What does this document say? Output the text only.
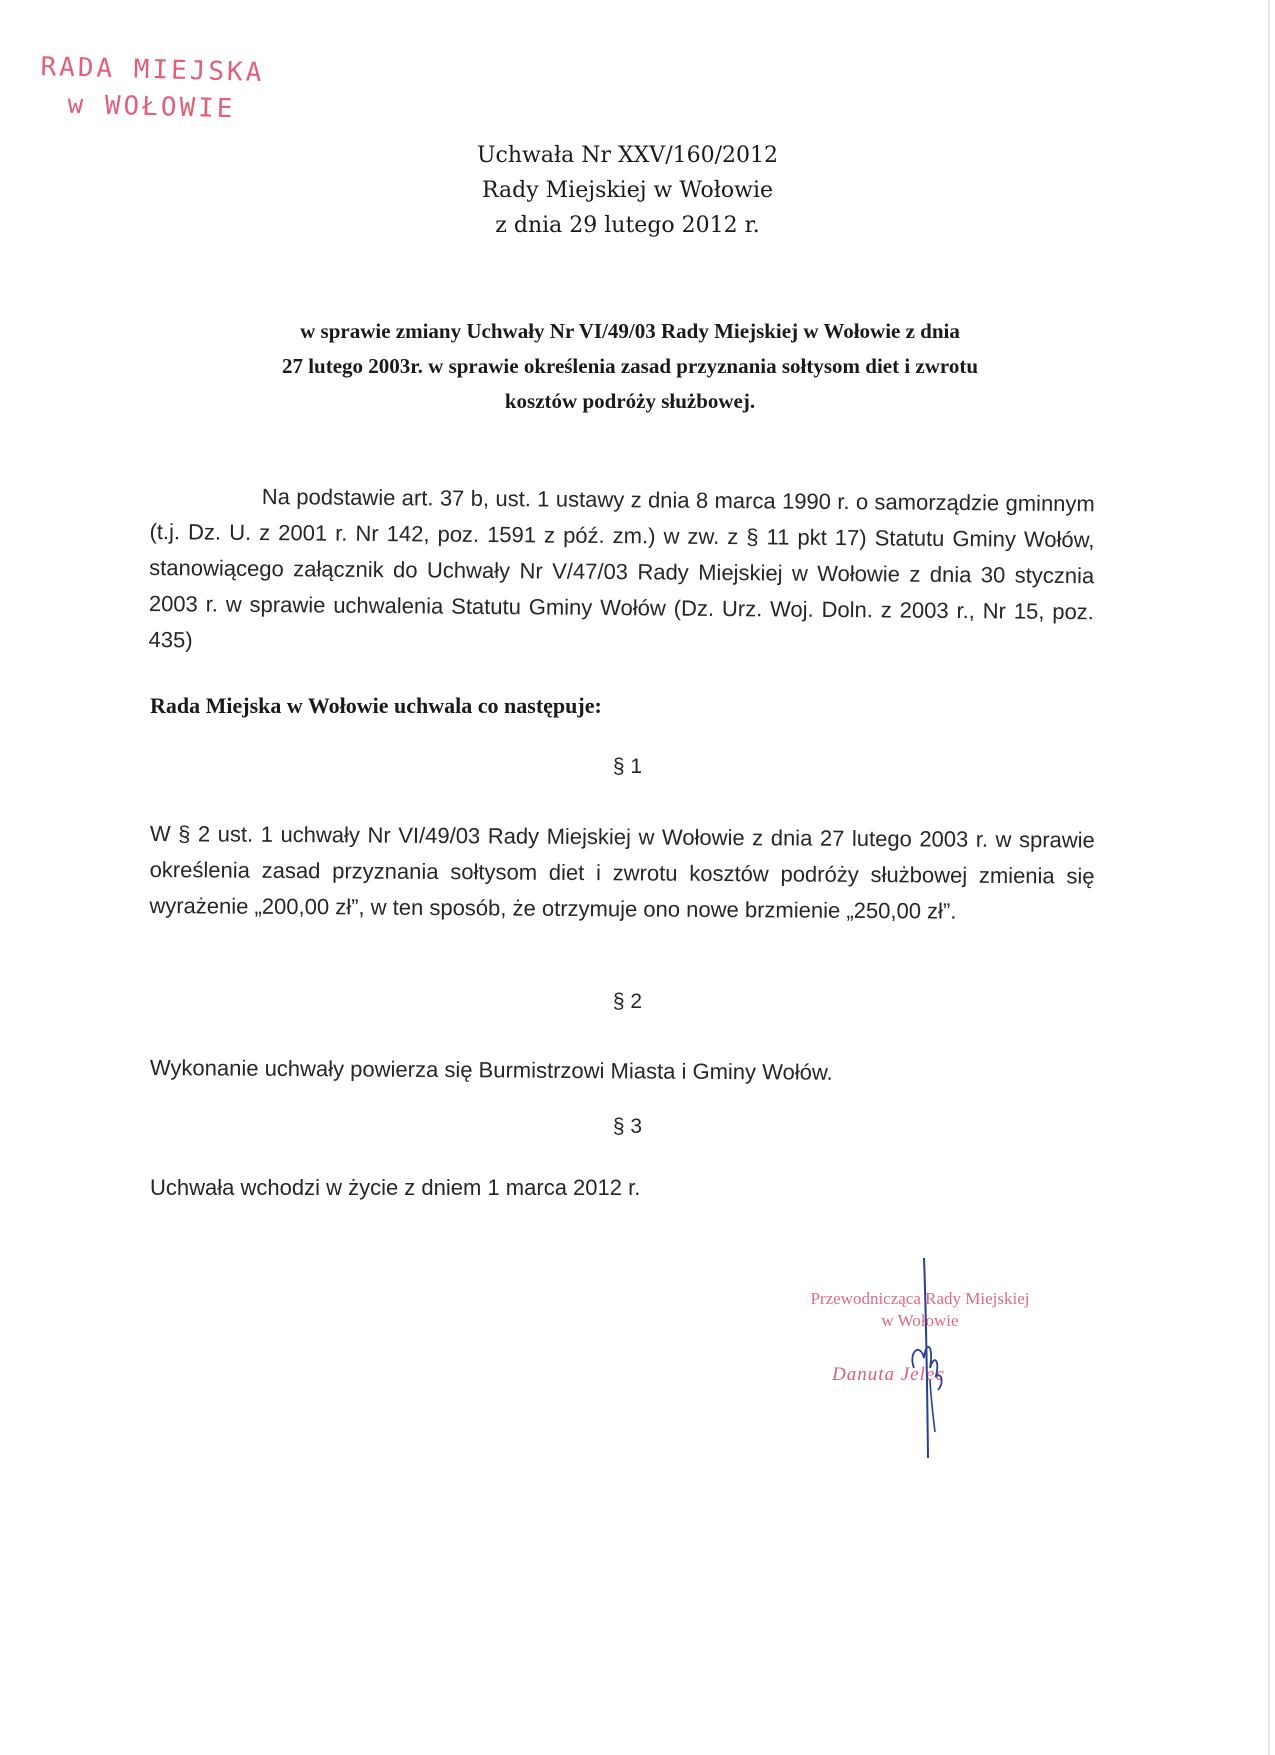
RADA MIEJSKA
w WOŁOWIE
Uchwała Nr XXV/160/2012
Rady Miejskiej w Wołowie
z dnia 29 lutego 2012 r.
w sprawie zmiany Uchwały Nr VI/49/03 Rady Miejskiej w Wołowie z dnia
27 lutego 2003r. w sprawie określenia zasad przyznania sołtysom diet i zwrotu
kosztów podróży służbowej.
Na podstawie art. 37 b, ust. 1 ustawy z dnia 8 marca 1990 r. o samorządzie gminnym (t.j. Dz. U. z 2001 r. Nr 142, poz. 1591 z póź. zm.) w zw. z § 11 pkt 17) Statutu Gminy Wołów, stanowiącego załącznik do Uchwały Nr V/47/03 Rady Miejskiej w Wołowie z dnia 30 stycznia 2003 r. w sprawie uchwalenia Statutu Gminy Wołów (Dz. Urz. Woj. Doln. z 2003 r., Nr 15, poz. 435)
Rada Miejska w Wołowie uchwala co następuje:
§ 1
W § 2 ust. 1 uchwały Nr VI/49/03 Rady Miejskiej w Wołowie z dnia 27 lutego 2003 r. w sprawie określenia zasad przyznania sołtysom diet i zwrotu kosztów podróży służbowej zmienia się wyrażenie „200,00 zł”, w ten sposób, że otrzymuje ono nowe brzmienie „250,00 zł”.
§ 2
Wykonanie uchwały powierza się Burmistrzowi Miasta i Gminy Wołów.
§ 3
Uchwała wchodzi w życie z dniem 1 marca 2012 r.
Przewodnicząca Rady Miejskiej
w Wołowie
Danuta Jelec
